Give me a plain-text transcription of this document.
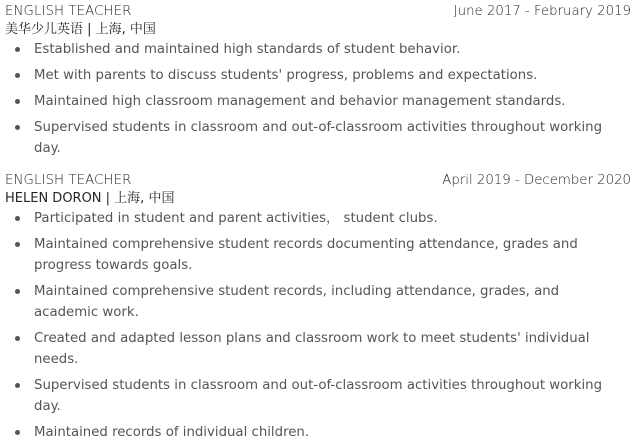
ENGLISH TEACHER	June 2017 - February 2019
美华少儿英语 | 上海, 中国
Established and maintained high standards of student behavior.
Met with parents to discuss students' progress, problems and expectations.
Maintained high classroom management and behavior management standards.
Supervised students in classroom and out-of-classroom activities throughout working day.
ENGLISH TEACHER	April 2019 - December 2020
HELEN DORON | 上海, 中国
Participated in student and parent activities， student clubs.
Maintained comprehensive student records documenting attendance, grades and progress towards goals.
Maintained comprehensive student records, including attendance, grades, and academic work.
Created and adapted lesson plans and classroom work to meet students' individual needs.
Supervised students in classroom and out-of-classroom activities throughout working day.
Maintained records of individual children.
